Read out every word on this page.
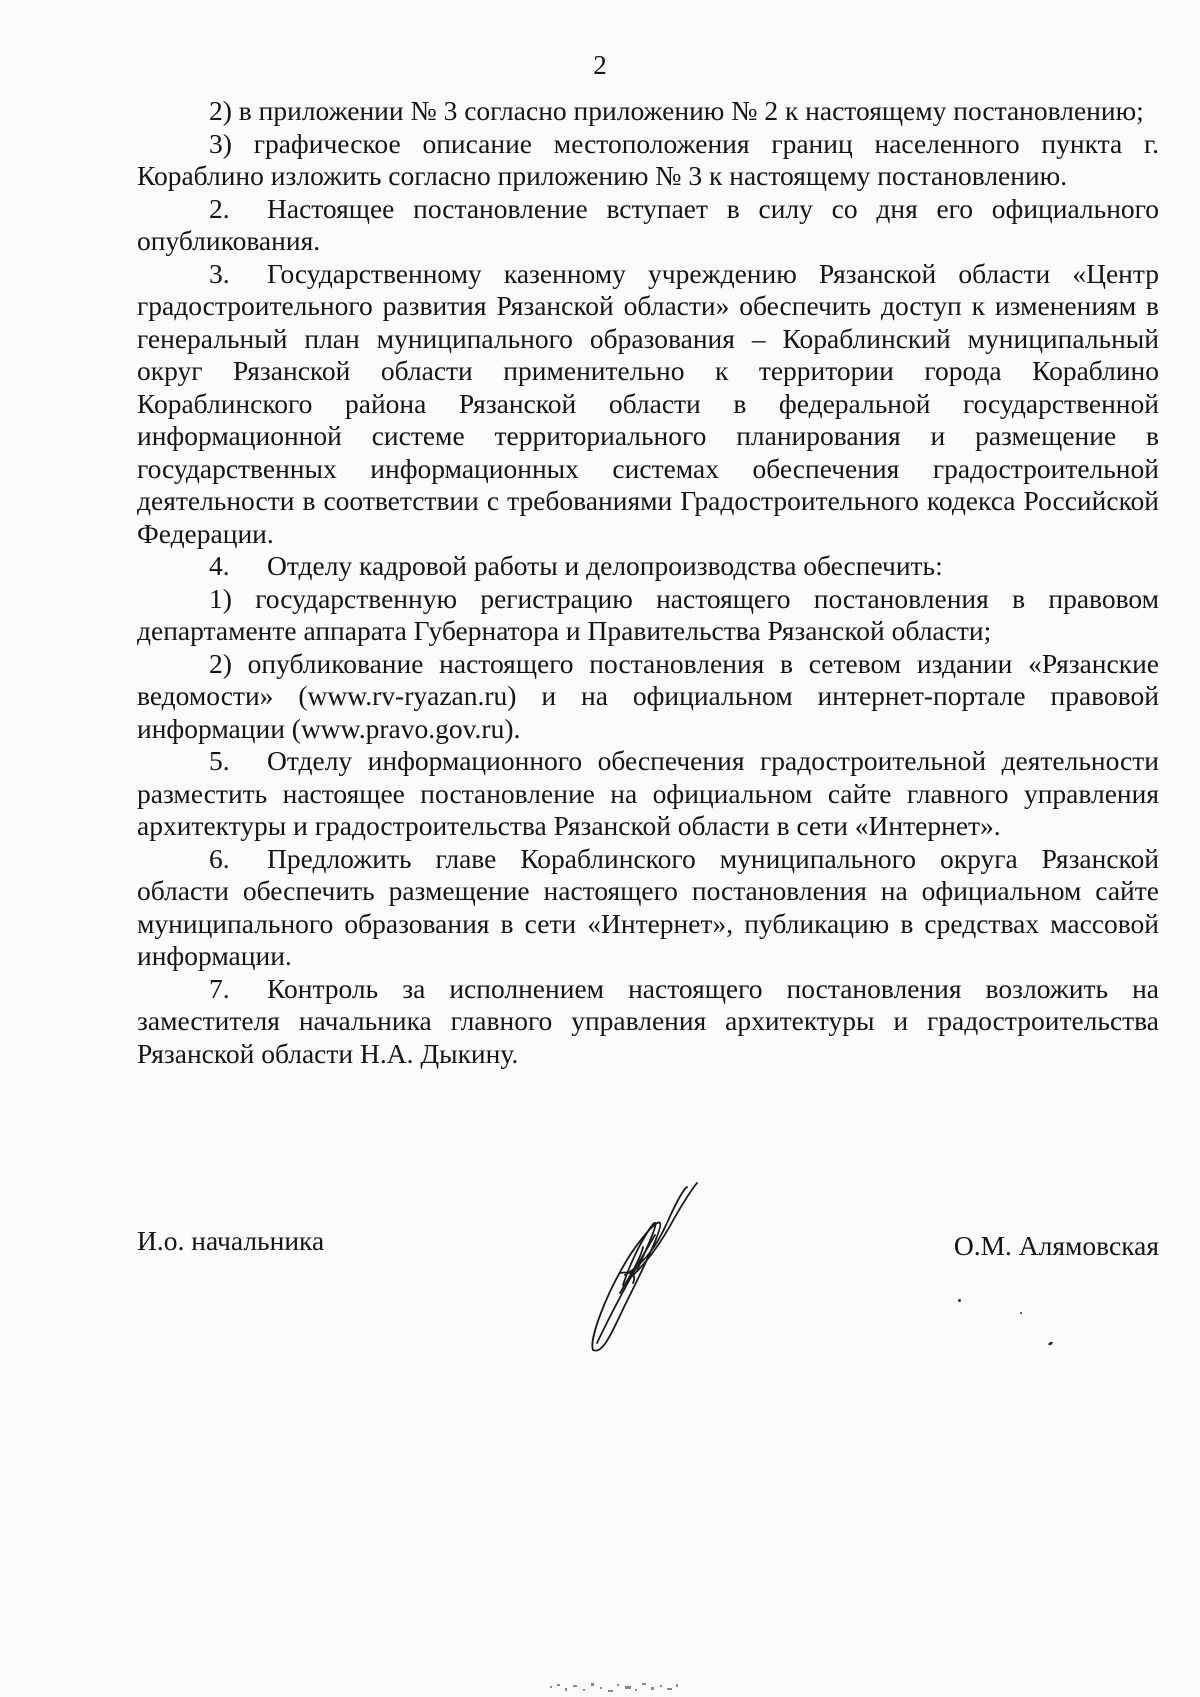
2

2) в приложении № 3 согласно приложению № 2 к настоящему постановлению;

3) графическое описание местоположения границ населенного пункта г. Кораблино изложить согласно приложению № 3 к настоящему постановлению.

2. Настоящее постановление вступает в силу со дня его официального опубликования.

3. Государственному казенному учреждению Рязанской области «Центр градостроительного развития Рязанской области» обеспечить доступ к изменениям в генеральный план муниципального образования – Кораблинский муниципальный округ Рязанской области применительно к территории города Кораблино Кораблинского района Рязанской области в федеральной государственной информационной системе территориального планирования и размещение в государственных информационных системах обеспечения градостроительной деятельности в соответствии с требованиями Градостроительного кодекса Российской Федерации.

4. Отделу кадровой работы и делопроизводства обеспечить:

1) государственную регистрацию настоящего постановления в правовом департаменте аппарата Губернатора и Правительства Рязанской области;

2) опубликование настоящего постановления в сетевом издании «Рязанские ведомости» (www.rv-ryazan.ru) и на официальном интернет-портале правовой информации (www.pravo.gov.ru).

5. Отделу информационного обеспечения градостроительной деятельности разместить настоящее постановление на официальном сайте главного управления архитектуры и градостроительства Рязанской области в сети «Интернет».

6. Предложить главе Кораблинского муниципального округа Рязанской области обеспечить размещение настоящего постановления на официальном сайте муниципального образования в сети «Интернет», публикацию в средствах массовой информации.

7. Контроль за исполнением настоящего постановления возложить на заместителя начальника главного управления архитектуры и градостроительства Рязанской области Н.А. Дыкину.

И.о. начальника	О.М. Алямовская
